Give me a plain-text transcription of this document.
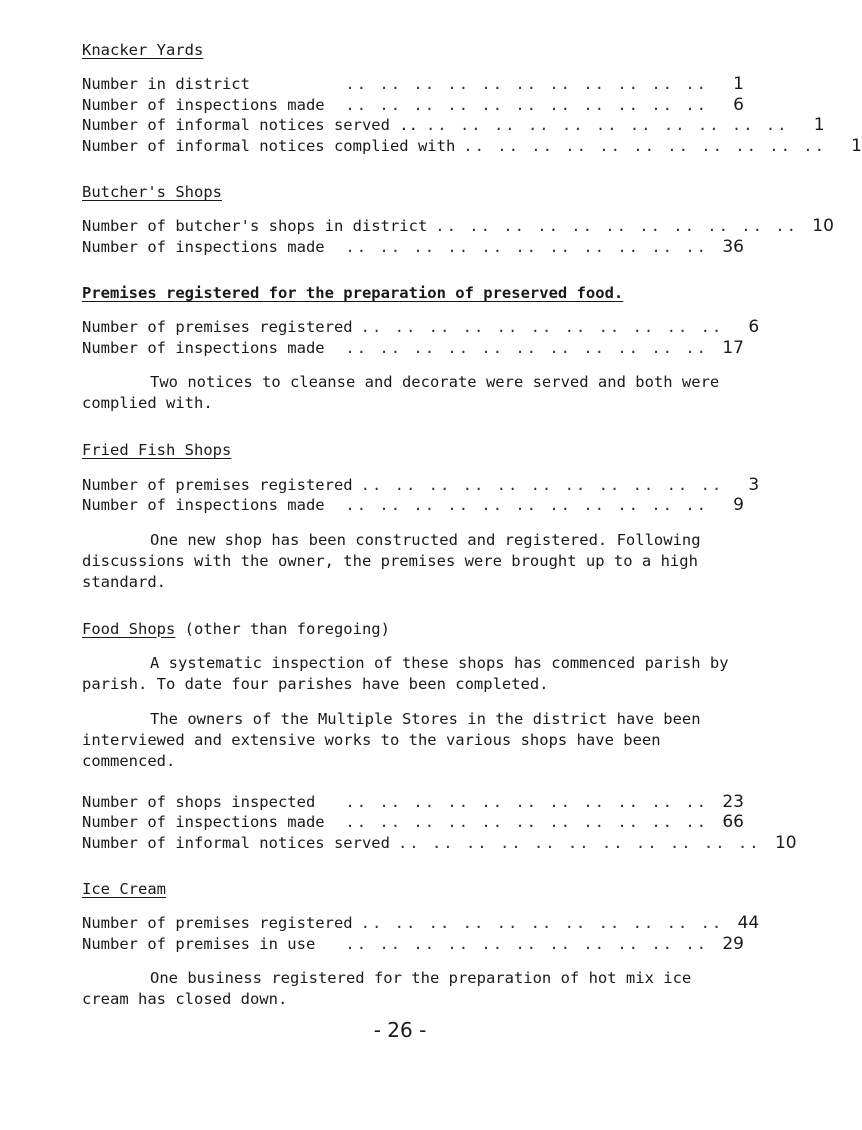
Knacker Yards

Number in district	.. .. .. .. .. .. .. .. .. .. ..	1
Number of inspections made	.. .. .. .. .. .. .. .. .. .. ..	6
Number of informal notices served .. .. .. .. .. .. .. .. .. .. .. ..	1
Number of informal notices complied with .. .. .. .. .. .. .. .. .. .. ..	1

Butcher's Shops

Number of butcher's shops in district .. .. .. .. .. .. .. .. .. .. .. 10
Number of inspections made	.. .. .. .. .. .. .. .. .. .. .. 36

Premises registered for the preparation of preserved food.

Number of premises registered .. .. .. .. .. .. .. .. .. .. ..	6
Number of inspections made	.. .. .. .. .. .. .. .. .. .. .. 17

Two notices to cleanse and decorate were served and both were complied with.

Fried Fish Shops

Number of premises registered .. .. .. .. .. .. .. .. .. .. ..	3
Number of inspections made	.. .. .. .. .. .. .. .. .. .. ..	9

One new shop has been constructed and registered. Following discussions with the owner, the premises were brought up to a high standard.

Food Shops (other than foregoing)

A systematic inspection of these shops has commenced parish by parish. To date four parishes have been completed.

The owners of the Multiple Stores in the district have been interviewed and extensive works to the various shops have been commenced.

Number of shops inspected	.. .. .. .. .. .. .. .. .. .. .. 23
Number of inspections made	.. .. .. .. .. .. .. .. .. .. .. 66
Number of informal notices served .. .. .. .. .. .. .. .. .. .. .. 10

Ice Cream

Number of premises registered .. .. .. .. .. .. .. .. .. .. .. 44
Number of premises in use	.. .. .. .. .. .. .. .. .. .. .. 29

One business registered for the preparation of hot mix ice cream has closed down.

- 26 -
